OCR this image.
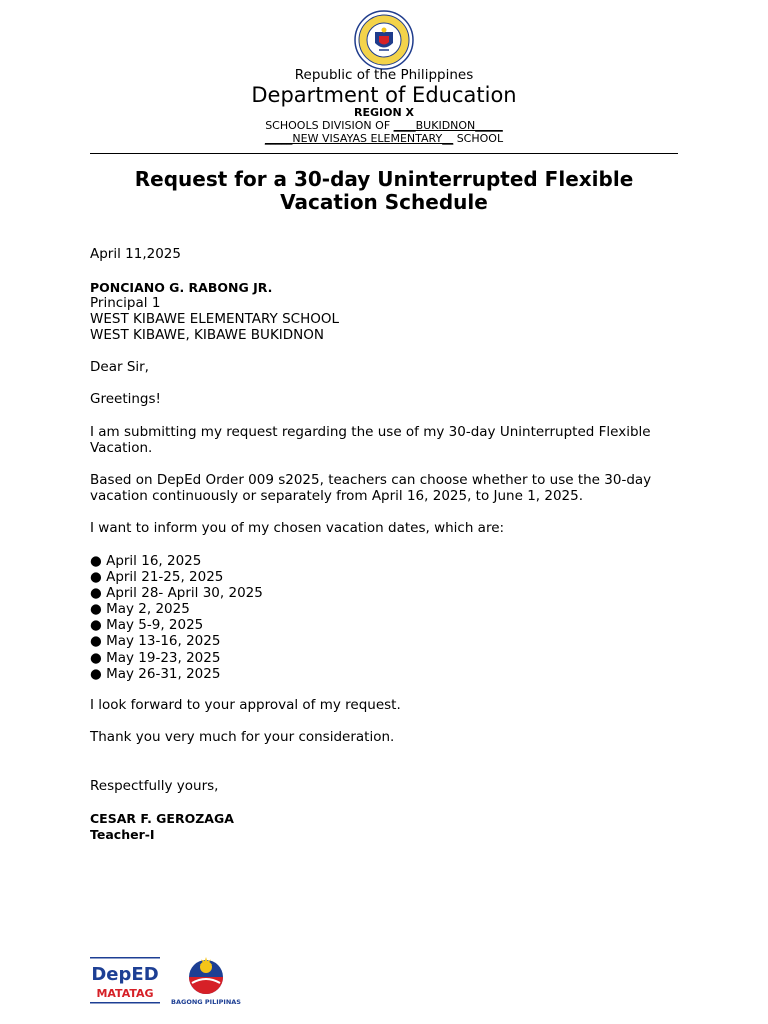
Republic of the Philippines
Department of Education
REGION X
SCHOOLS DIVISION OF ____BUKIDNON_____
_____NEW VISAYAS ELEMENTARY__ SCHOOL
Request for a 30-day Uninterrupted Flexible Vacation Schedule
April 11,2025
PONCIANO G. RABONG JR.
Principal 1
WEST KIBAWE ELEMENTARY SCHOOL
WEST KIBAWE, KIBAWE BUKIDNON
Dear Sir,
Greetings!
I am submitting my request regarding the use of my 30-day Uninterrupted Flexible Vacation.
Based on DepEd Order 009 s2025, teachers can choose whether to use the 30-day vacation continuously or separately from April 16, 2025, to June 1, 2025.
I want to inform you of my chosen vacation dates, which are:
● April 16, 2025
● April 21-25, 2025
● April 28- April 30, 2025
● May 2, 2025
● May 5-9, 2025
● May 13-16, 2025
● May 19-23, 2025
● May 26-31, 2025
I look forward to your approval of my request.
Thank you very much for your consideration.
Respectfully yours,
CESAR F. GEROZAGA
Teacher-I
DepED
MATATAG
BAGONG PILIPINAS
